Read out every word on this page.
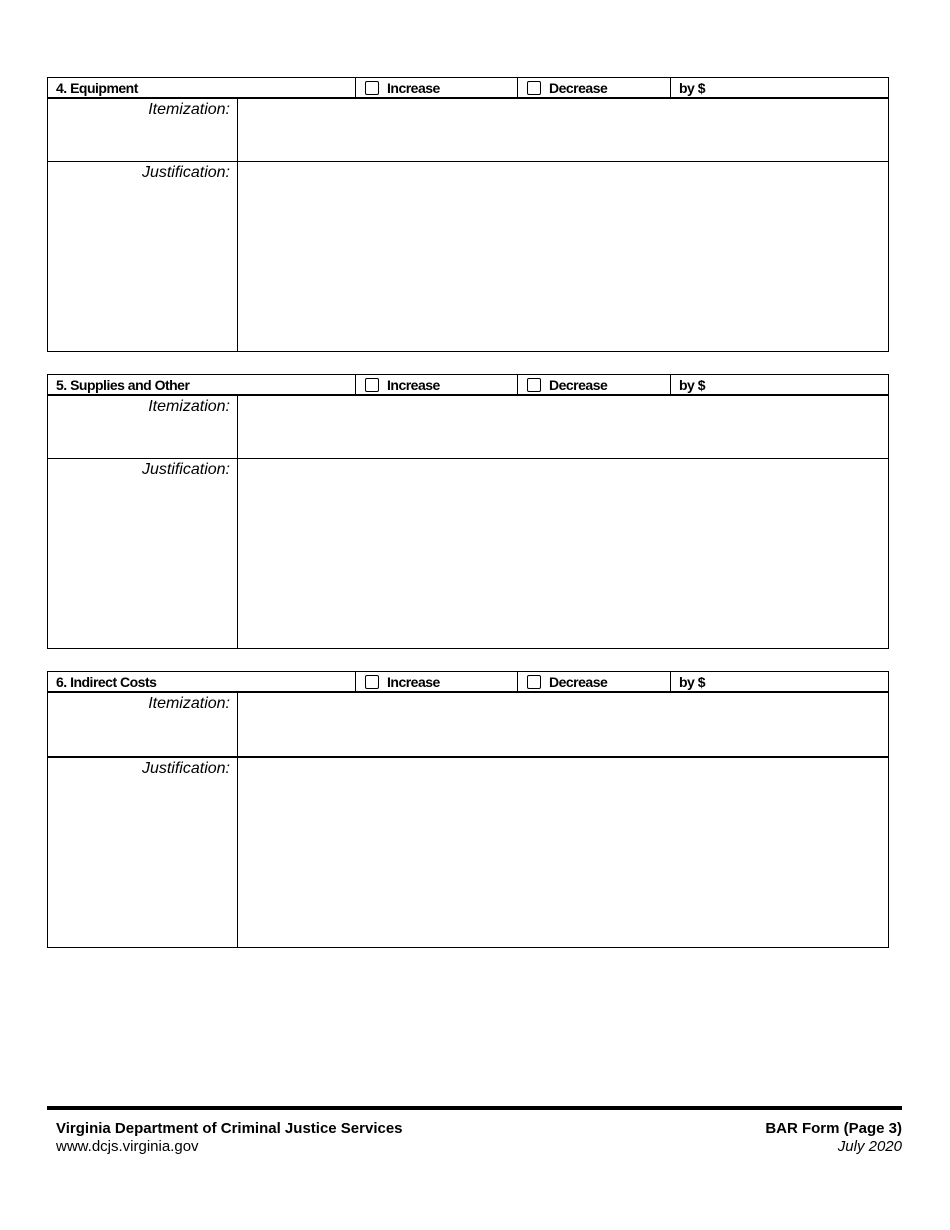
4. Equipment	Increase	Decrease	by $
Itemization:
Justification:
5. Supplies and Other	Increase	Decrease	by $
Itemization:
Justification:
6. Indirect Costs	Increase	Decrease	by $
Itemization:
Justification:
Virginia Department of Criminal Justice Services
www.dcjs.virginia.gov
BAR Form (Page 3)
July 2020
